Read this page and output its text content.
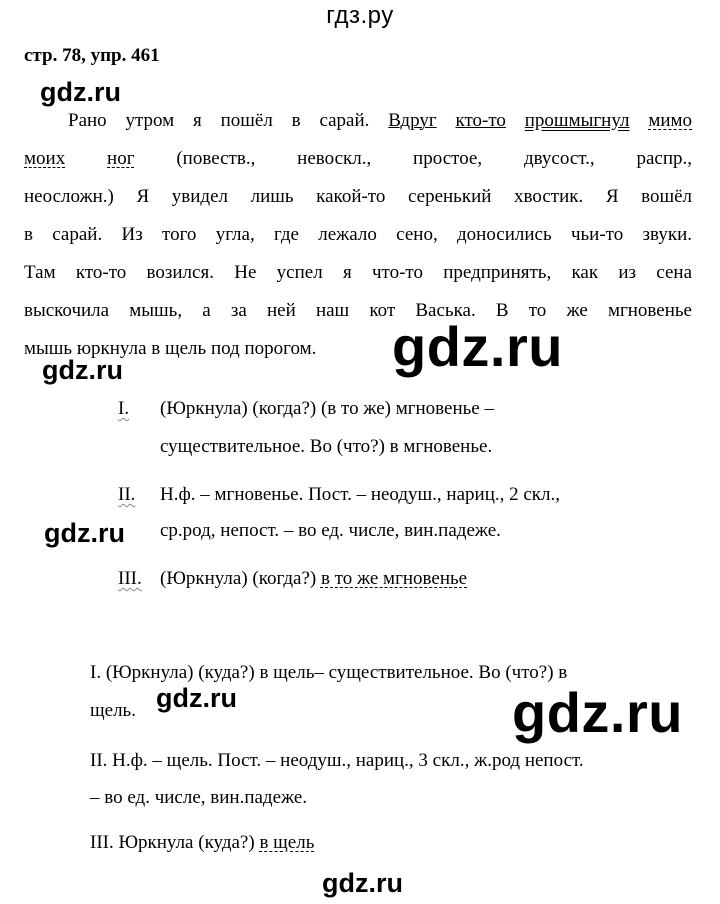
гдз.ру
стр. 78, упр. 461
gdz.ru
gdz.ru
gdz.ru
gdz.ru
gdz.ru
Рано утром я пошёл в сарай. Вдруг кто-то прошмыгнул мимо
моих ног (повеств., невоскл., простое, двусост., распр.,
неосложн.) Я увидел лишь какой-то серенький хвостик. Я вошёл
в сарай. Из того угла, где лежало сено, доносились чьи-то звуки.
Там кто-то возился. Не успел я что-то предпринять, как из сена
выскочила мышь, а за ней наш кот Васька. В то же мгновенье
мышь юркнула в щель под порогом.	gdz.ru
I. (Юркнула) (когда?) (в то же) мгновенье –
существительное. Во (что?) в мгновенье.
II. Н.ф. – мгновенье. Пост. – неодуш., нариц., 2 скл.,
ср.род, непост. – во ед. числе, вин.падеже.
III. (Юркнула) (когда?) в то же мгновенье
I. (Юркнула) (куда?) в щель– существительное. Во (что?) в
щель.	gdz.ru
II. Н.ф. – щель. Пост. – неодуш., нариц., 3 скл., ж.род непост.
– во ед. числе, вин.падеже.
III. Юркнула (куда?) в щель
